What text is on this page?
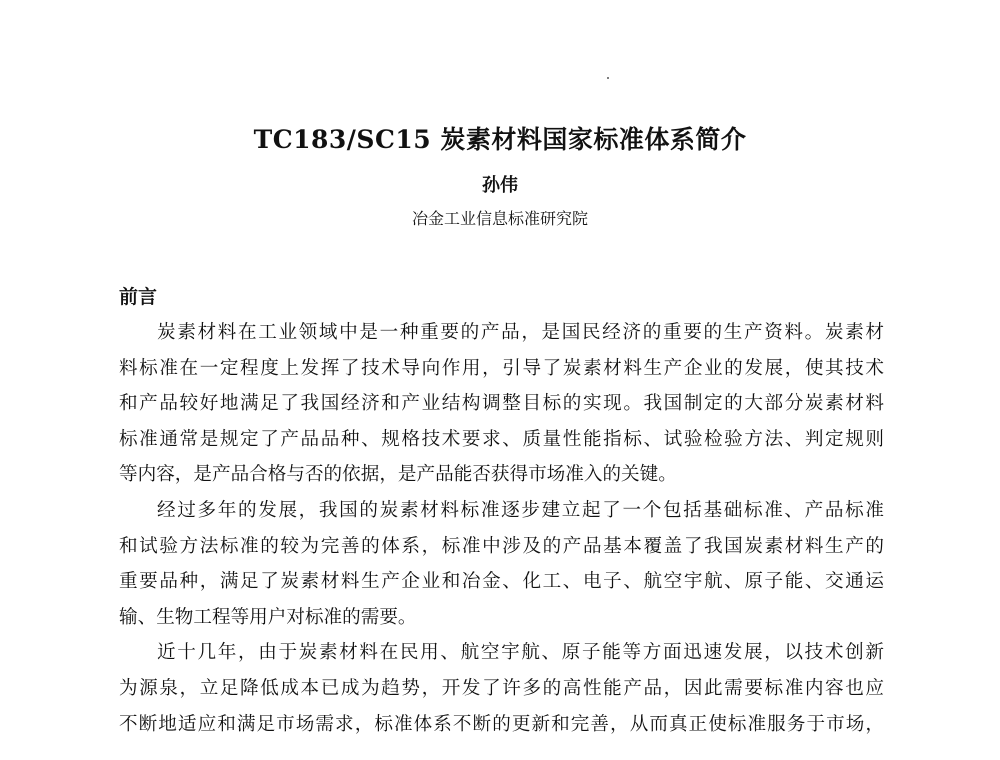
TC183/SC15 炭素材料国家标准体系简介
孙伟
冶金工业信息标准研究院
前言
炭素材料在工业领域中是一种重要的产品，是国民经济的重要的生产资料。炭素材
料标准在一定程度上发挥了技术导向作用，引导了炭素材料生产企业的发展，使其技术
和产品较好地满足了我国经济和产业结构调整目标的实现。我国制定的大部分炭素材料
标准通常是规定了产品品种、规格技术要求、质量性能指标、试验检验方法、判定规则
等内容，是产品合格与否的依据，是产品能否获得市场准入的关键。
经过多年的发展，我国的炭素材料标准逐步建立起了一个包括基础标准、产品标准
和试验方法标准的较为完善的体系，标准中涉及的产品基本覆盖了我国炭素材料生产的
重要品种，满足了炭素材料生产企业和冶金、化工、电子、航空宇航、原子能、交通运
输、生物工程等用户对标准的需要。
近十几年，由于炭素材料在民用、航空宇航、原子能等方面迅速发展，以技术创新
为源泉，立足降低成本已成为趋势，开发了许多的高性能产品，因此需要标准内容也应
不断地适应和满足市场需求，标准体系不断的更新和完善，从而真正使标准服务于市场，
